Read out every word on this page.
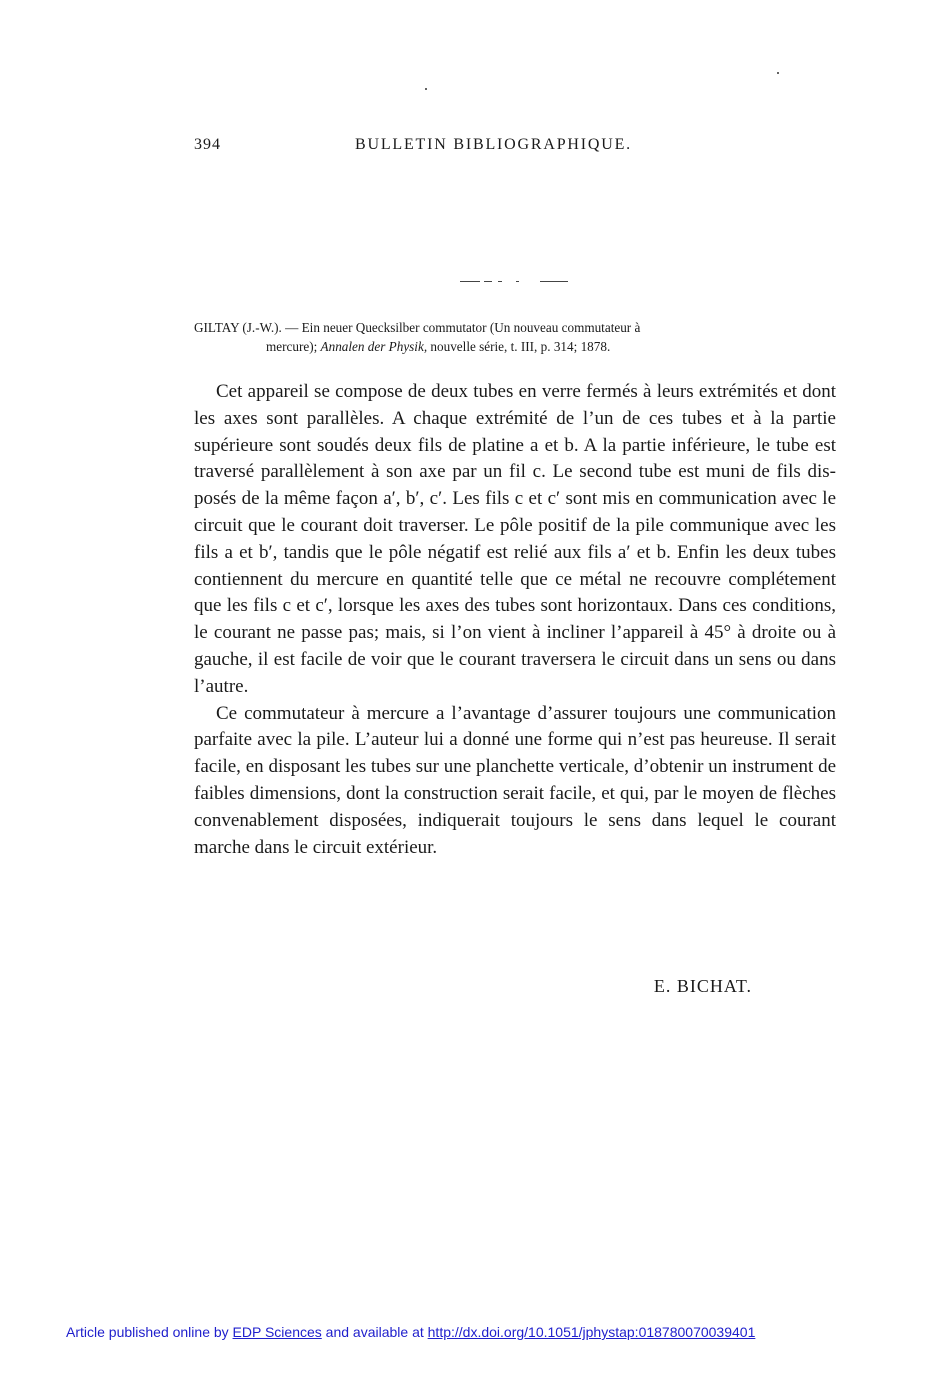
394	BULLETIN BIBLIOGRAPHIQUE.
GILTAY (J.-W.). — Ein neuer Quecksilber commutator (Un nouveau commutateur à
mercure); Annalen der Physik, nouvelle série, t. III, p. 314; 1878.

Cet appareil se compose de deux tubes en verre fermés à leurs extrémités et dont les axes sont parallèles. A chaque extrémité de l’un de ces tubes et à la partie supérieure sont soudés deux fils de platine a et b. A la partie inférieure, le tube est traversé parallèlement à son axe par un fil c. Le second tube est muni de fils disposés de la même façon a′, b′, c′. Les fils c et c′ sont mis en communication avec le circuit que le courant doit traverser. Le pôle positif de la pile communique avec les fils a et b′, tandis que le pôle négatif est relié aux fils a′ et b. Enfin les deux tubes contiennent du mercure en quantité telle que ce métal ne recouvre complétement que les fils c et c′, lorsque les axes des tubes sont horizontaux. Dans ces conditions, le courant ne passe pas; mais, si l’on vient à incliner l’appareil à 45° à droite ou à gauche, il est facile de voir que le courant traversera le circuit dans un sens ou dans l’autre.

Ce commutateur à mercure a l’avantage d’assurer toujours une communication parfaite avec la pile. L’auteur lui a donné une forme qui n’est pas heureuse. Il serait facile, en disposant les tubes sur une planchette verticale, d’obtenir un instrument de faibles dimensions, dont la construction serait facile, et qui, par le moyen de flèches convenablement disposées, indiquerait toujours le sens dans lequel le courant marche dans le circuit extérieur.

E. BICHAT.
Article published online by EDP Sciences and available at http://dx.doi.org/10.1051/jphystap:018780070039401
